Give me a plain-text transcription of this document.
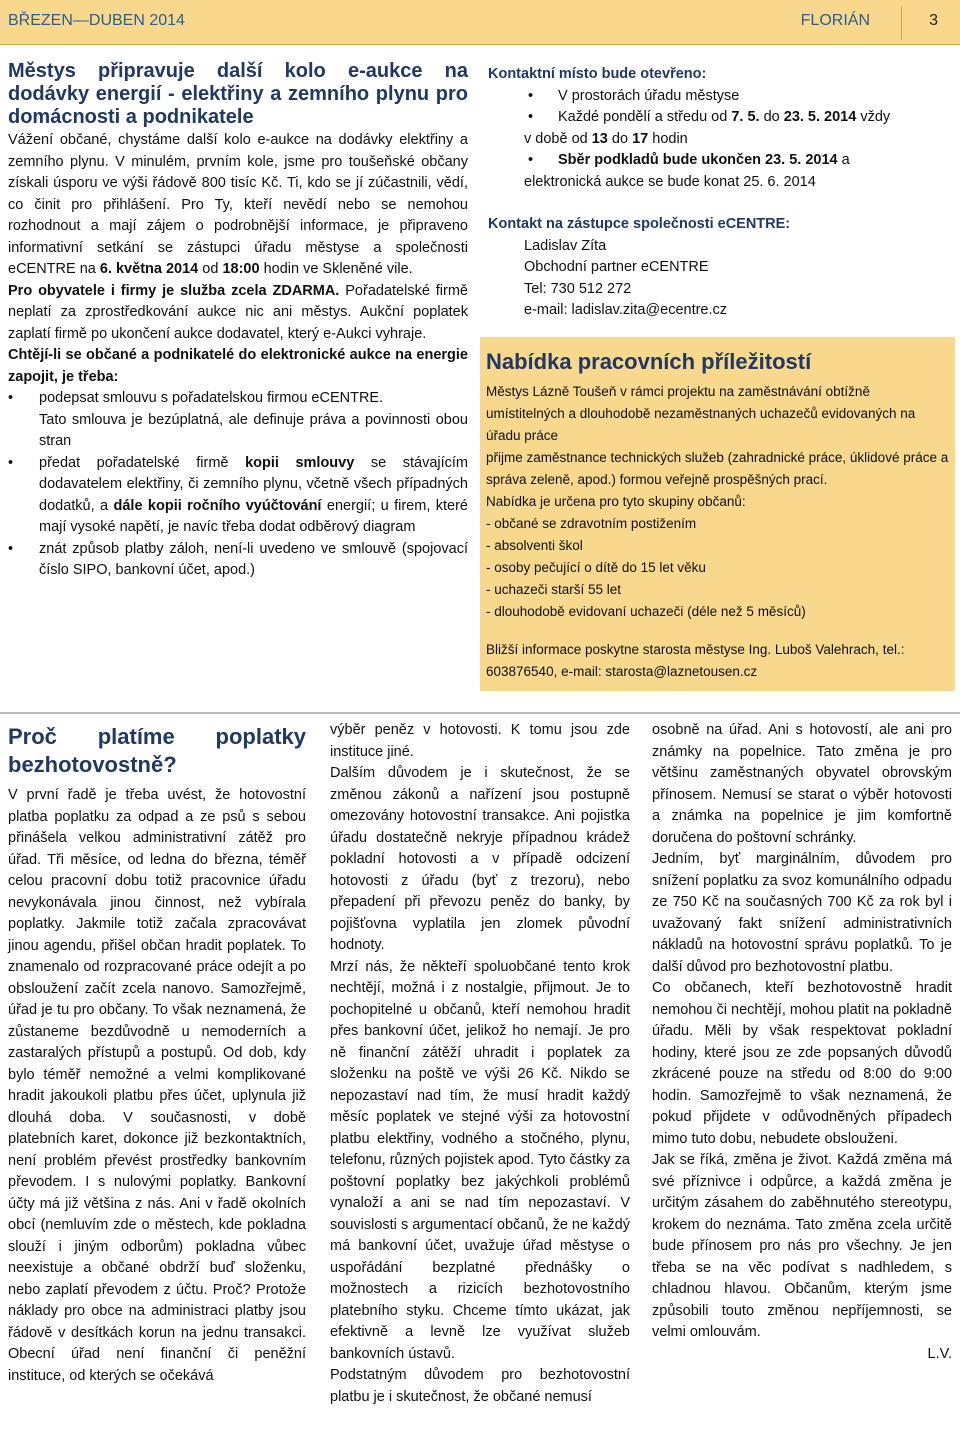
BŘEZEN—DUBEN 2014	FLORIÁN	3
Městys připravuje další kolo e-aukce na dodávky energií - elektřiny a zemního plynu pro domácnosti a podnikatele

Vážení občané, chystáme další kolo e-aukce na dodávky elektřiny a zemního plynu. V minulém, prvním kole, jsme pro toušeňské občany získali úsporu ve výši řádově 800 tisíc Kč. Ti, kdo se jí zúčastnili, vědí, co činit pro přihlášení. Pro Ty, kteří nevědí nebo se nemohou rozhodnout a mají zájem o podrobnější informace, je připraveno informativní setkání se zástupci úřadu městyse a společnosti eCENTRE na 6. května 2014 od 18:00 hodin ve Skleněné vile.

Pro obyvatele i firmy je služba zcela ZDARMA. Pořadatelské firmě neplatí za zprostředkování aukce nic ani městys. Aukční poplatek zaplatí firmě po ukončení aukce dodavatel, který e-Aukci vyhraje.

Chtějí-li se občané a podnikatelé do elektronické aukce na energie zapojit, je třeba:

• podepsat smlouvu s pořadatelskou firmou eCENTRE.

Tato smlouva je bezúplatná, ale definuje práva a povinnosti obou stran

• předat pořadatelské firmě kopii smlouvy se stávajícím dodavatelem elektřiny, či zemního plynu, včetně všech případných dodatků, a dále kopii ročního vyúčtování energií; u firem, které mají vysoké napětí, je navíc třeba dodat odběrový diagram

• znát způsob platby záloh, není-li uvedeno ve smlouvě (spojovací číslo SIPO, bankovní účet, apod.)

Kontaktní místo bude otevřeno:

• V prostorách úřadu městyse

• Každé pondělí a středu od 7. 5. do 23. 5. 2014 vždy

v době od 13 do 17 hodin

• Sběr podkladů bude ukončen 23. 5. 2014 a

elektronická aukce se bude konat 25. 6. 2014

Kontakt na zástupce společnosti eCENTRE:

Ladislav Zíta

Obchodní partner eCENTRE

Tel: 730 512 272

e-mail: ladislav.zita@ecentre.cz

Nabídka pracovních příležitostí

Městys Lázně Toušeň v rámci projektu na zaměstnávání obtížně umístitelných a dlouhodobě nezaměstnaných uchazečů evidovaných na úřadu práce

přijme zaměstnance technických služeb (zahradnické práce, úklidové práce a správa zeleně, apod.) formou veřejně prospěšných prací.

Nabídka je určena pro tyto skupiny občanů:

- občané se zdravotním postižením

- absolventi škol

- osoby pečující o dítě do 15 let věku

- uchazeči starší 55 let

- dlouhodobě evidovaní uchazeči (déle než 5 měsíců)

Bližší informace poskytne starosta městyse Ing. Luboš Valehrach, tel.: 603876540, e-mail: starosta@laznetousen.cz

Proč platíme poplatky bezhotovostně?

V první řadě je třeba uvést, že hotovostní platba poplatku za odpad a ze psů s sebou přinášela velkou administrativní zátěž pro úřad. Tři měsíce, od ledna do března, téměř celou pracovní dobu totiž pracovnice úřadu nevykonávala jinou činnost, než vybírala poplatky. Jakmile totiž začala zpracovávat jinou agendu, přišel občan hradit poplatek. To znamenalo od rozpracované práce odejít a po obsloužení začít zcela nanovo. Samozřejmě, úřad je tu pro občany. To však neznamená, že zůstaneme bezdůvodně u nemoderních a zastaralých přístupů a postupů. Od dob, kdy bylo téměř nemožné a velmi komplikované hradit jakoukoli platbu přes účet, uplynula již dlouhá doba. V současnosti, v době platebních karet, dokonce již bezkontaktních, není problém převést prostředky bankovním převodem. I s nulovými poplatky. Bankovní účty má již většina z nás. Ani v řadě okolních obcí (nemluvím zde o městech, kde pokladna slouží i jiným odborům) pokladna vůbec neexistuje a občané obdrží buď složenku, nebo zaplatí převodem z účtu. Proč? Protože náklady pro obce na administraci platby jsou řádově v desítkách korun na jednu transakci. Obecní úřad není finanční či peněžní instituce, od kterých se očekává

výběr peněz v hotovosti. K tomu jsou zde instituce jiné.

Dalším důvodem je i skutečnost, že se změnou zákonů a nařízení jsou postupně omezovány hotovostní transakce. Ani pojistka úřadu dostatečně nekryje případnou krádež pokladní hotovosti a v případě odcizení hotovosti z úřadu (byť z trezoru), nebo přepadení při převozu peněz do banky, by pojišťovna vyplatila jen zlomek původní hodnoty.

Mrzí nás, že někteří spoluobčané tento krok nechtějí, možná i z nostalgie, přijmout. Je to pochopitelné u občanů, kteří nemohou hradit přes bankovní účet, jelikož ho nemají. Je pro ně finanční zátěží uhradit i poplatek za složenku na poště ve výši 26 Kč. Nikdo se nepozastaví nad tím, že musí hradit každý měsíc poplatek ve stejné výši za hotovostní platbu elektřiny, vodného a stočného, plynu, telefonu, různých pojistek apod. Tyto částky za poštovní poplatky bez jakýchkoli problémů vynaloží a ani se nad tím nepozastaví. V souvislosti s argumentací občanů, že ne každý má bankovní účet, uvažuje úřad městyse o uspořádání bezplatné přednášky o možnostech a rizicích bezhotovostního platebního styku. Chceme tímto ukázat, jak efektivně a levně lze využívat služeb bankovních ústavů.

Podstatným důvodem pro bezhotovostní platbu je i skutečnost, že občané nemusí

osobně na úřad. Ani s hotovostí, ale ani pro známky na popelnice. Tato změna je pro většinu zaměstnaných obyvatel obrovským přínosem. Nemusí se starat o výběr hotovosti a známka na popelnice je jim komfortně doručena do poštovní schránky.

Jedním, byť marginálním, důvodem pro snížení poplatku za svoz komunálního odpadu ze 750 Kč na současných 700 Kč za rok byl i uvažovaný fakt snížení administrativních nákladů na hotovostní správu poplatků. To je další důvod pro bezhotovostní platbu.

Co občanech, kteří bezhotovostně hradit nemohou či nechtějí, mohou platit na pokladně úřadu. Měli by však respektovat pokladní hodiny, které jsou ze zde popsaných důvodů zkrácené pouze na středu od 8:00 do 9:00 hodin. Samozřejmě to však neznamená, že pokud přijdete v odůvodněných případech mimo tuto dobu, nebudete obslouženi.

Jak se říká, změna je život. Každá změna má své příznivce i odpůrce, a každá změna je určitým zásahem do zaběhnutého stereotypu, krokem do neznáma. Tato změna zcela určitě bude přínosem pro nás pro všechny. Je jen třeba se na věc podívat s nadhledem, s chladnou hlavou. Občanům, kterým jsme způsobili touto změnou nepříjemnosti, se velmi omlouvám.

L.V.
